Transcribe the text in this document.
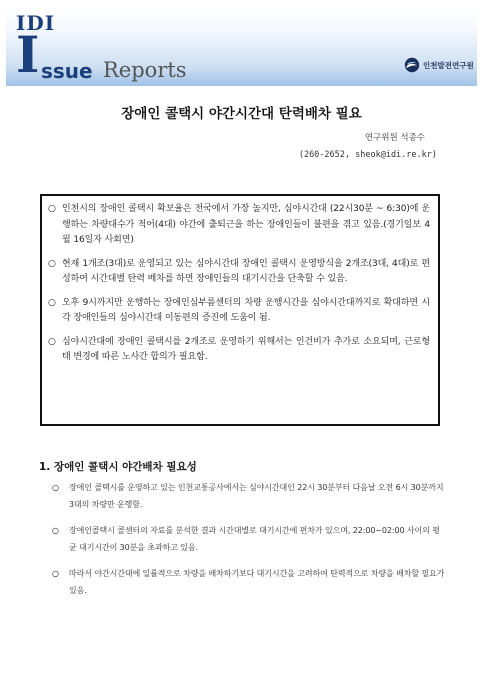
IDI
I ssue Reports	인천발전연구원
장애인 콜택시 야간시간대 탄력배차 필요
연구위원 석종수
(260-2652, sheok@idi.re.kr)
○ 인천시의 장애인 콜택시 확보율은 전국에서 가장 높지만, 심야시간대 (22시30분 ~ 6:30)에 운행하는 차량대수가 적어(4대) 야간에 출퇴근을 하는 장애인들이 불편을 겪고 있음.(경기일보 4월 16일자 사회면)
○ 현재 1개조(3대)로 운영되고 있는 심야시간대 장애인 콜택시 운영방식을 2개조(3대, 4대)로 편성하여 시간대별 탄력 배차를 하면 장애인들의 대기시간을 단축할 수 있음.
○ 오후 9시까지만 운행하는 장애인심부름센터의 차량 운행시간을 심야시간대까지로 확대하면 시각 장애인들의 심야시간대 이동편의 증진에 도움이 됨.
○ 심야시간대에 장애인 콜택시를 2개조로 운영하기 위해서는 인건비가 추가로 소요되며, 근로형태 변경에 따른 노사간 합의가 필요함.
1. 장애인 콜택시 야간배차 필요성
○	장애인 콜택시를 운영하고 있는 인천교통공사에서는 심야시간대인 22시 30분부터 다음날 오전 6시 30분까지 3대의 차량만 운행함.
○	장애인콜택시 콜센터의 자료를 분석한 결과 시간대별로 대기시간에 편차가 있으며, 22:00~02:00 사이의 평균 대기시간이 30분을 초과하고 있음.
○	따라서 야간시간대에 일률적으로 차량을 배차하기보다 대기시간을 고려하여 탄력적으로 차량을 배차할 필요가 있음.
